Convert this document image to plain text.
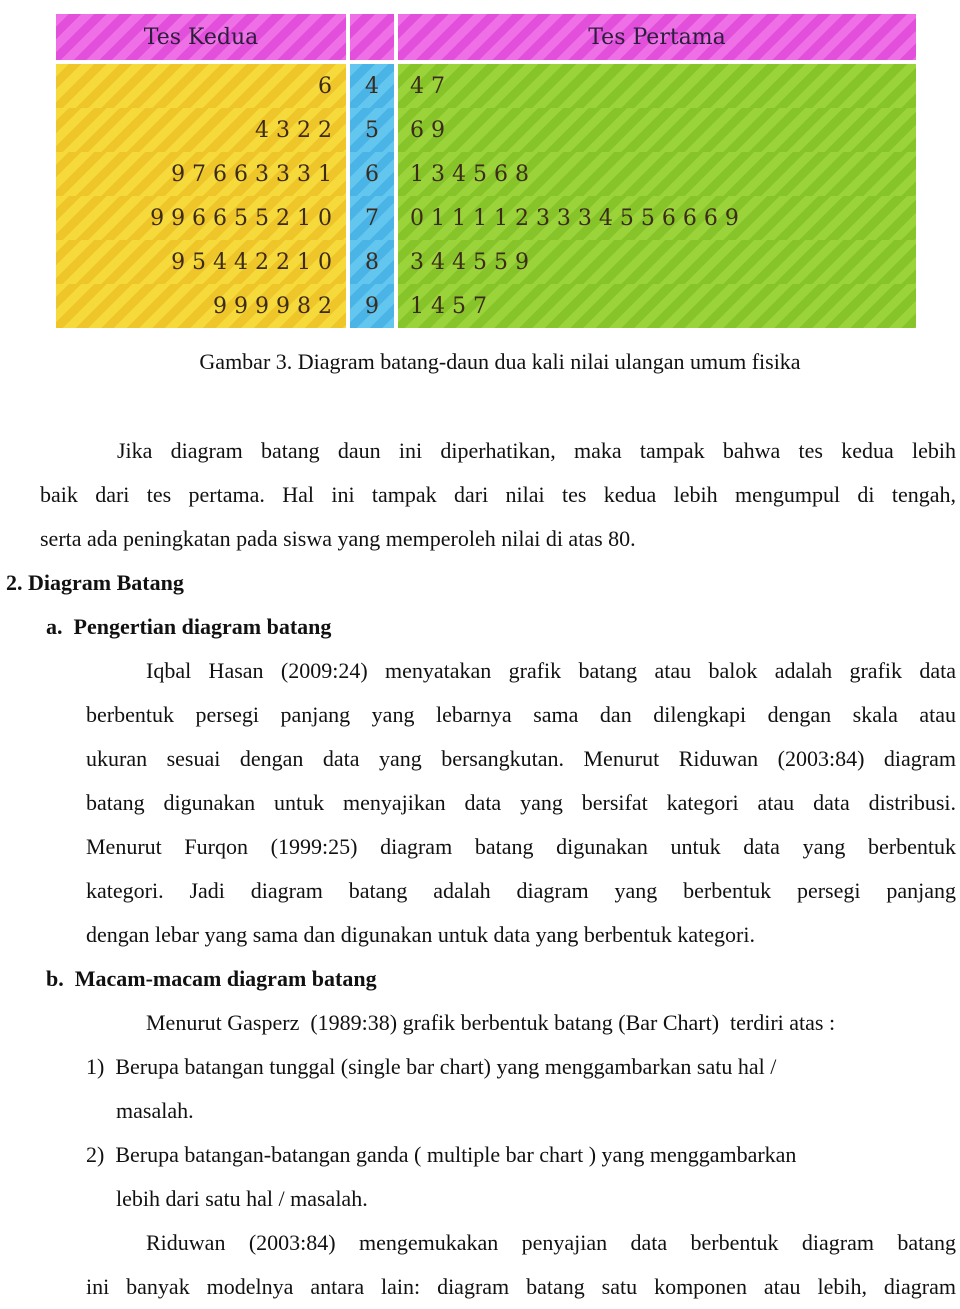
Tes Kedua	Tes Pertama
6	4	4 7
4 3 2 2	5	6 9
9 7 6 6 3 3 3 1	6	1 3 4 5 6 8
9 9 6 6 5 5 2 1 0	7	0 1 1 1 1 2 3 3 3 4 5 5 6 6 6 9
9 5 4 4 2 2 1 0	8	3 4 4 5 5 9
9 9 9 9 8 2	9	1 4 5 7
Gambar 3. Diagram batang-daun dua kali nilai ulangan umum fisika
Jika diagram batang daun ini diperhatikan, maka tampak bahwa tes kedua lebih
baik dari tes pertama. Hal ini tampak dari nilai tes kedua lebih mengumpul di tengah,
serta ada peningkatan pada siswa yang memperoleh nilai di atas 80.
2. Diagram Batang
a.  Pengertian diagram batang
Iqbal Hasan (2009:24) menyatakan grafik batang atau balok adalah grafik data
berbentuk persegi panjang yang lebarnya sama dan dilengkapi dengan skala atau
ukuran sesuai dengan data yang bersangkutan. Menurut Riduwan (2003:84) diagram
batang digunakan untuk menyajikan data yang bersifat kategori atau data distribusi.
Menurut Furqon (1999:25) diagram batang digunakan untuk data yang berbentuk
kategori. Jadi diagram batang adalah diagram yang berbentuk persegi panjang
dengan lebar yang sama dan digunakan untuk data yang berbentuk kategori.
b.  Macam-macam diagram batang
Menurut Gasperz  (1989:38) grafik berbentuk batang (Bar Chart)  terdiri atas :
1)  Berupa batangan tunggal (single bar chart) yang menggambarkan satu hal /
masalah.
2)  Berupa batangan-batangan ganda ( multiple bar chart ) yang menggambarkan
lebih dari satu hal / masalah.
Riduwan (2003:84) mengemukakan penyajian data berbentuk diagram batang
ini banyak modelnya antara lain: diagram batang satu komponen atau lebih, diagram
